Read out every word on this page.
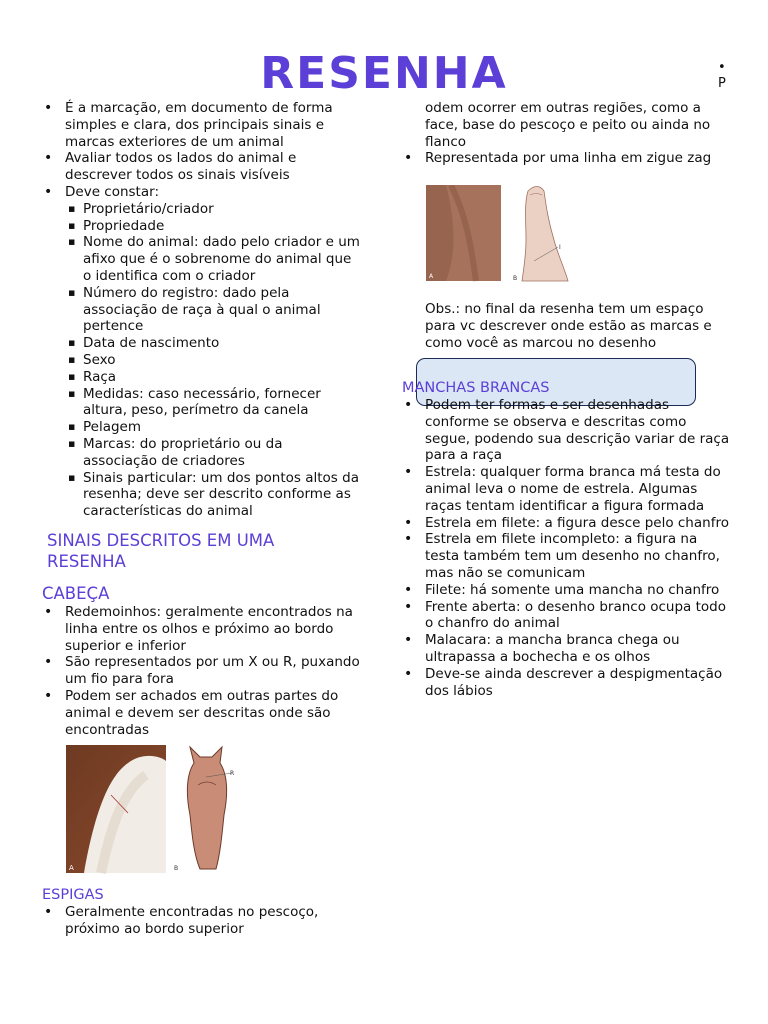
RESENHA	•
P
• É a marcação, em documento de forma simples e clara, dos principais sinais e marcas exteriores de um animal
• Avaliar todos os lados do animal e descrever todos os sinais visíveis
• Deve constar:
▪ Proprietário/criador
▪ Propriedade
▪ Nome do animal: dado pelo criador e um afixo que é o sobrenome do animal que o identifica com o criador
▪ Número do registro: dado pela associação de raça à qual o animal pertence
▪ Data de nascimento
▪ Sexo
▪ Raça
▪ Medidas: caso necessário, fornecer altura, peso, perímetro da canela
▪ Pelagem
▪ Marcas: do proprietário ou da associação de criadores
▪ Sinais particular: um dos pontos altos da resenha; deve ser descrito conforme as características do animal
SINAIS DESCRITOS EM UMA RESENHA
CABEÇA
• Redemoinhos: geralmente encontrados na linha entre os olhos e próximo ao bordo superior e inferior
• São representados por um X ou R, puxando um fio para fora
• Podem ser achados em outras partes do animal e devem ser descritas onde são encontradas
A
R
B
ESPIGAS
• Geralmente encontradas no pescoço, próximo ao bordo superior

odem ocorrer em outras regiões, como a face, base do pescoço e peito ou ainda no flanco

• Representada por uma linha em zigue zag
A
I
B

Obs.: no final da resenha tem um espaço para vc descrever onde estão as marcas e como você as marcou no desenho

MANCHAS BRANCAS
• Podem ter formas e ser desenhadas conforme se observa e descritas como segue, podendo sua descrição variar de raça para a raça
• Estrela: qualquer forma branca má testa do animal leva o nome de estrela. Algumas raças tentam identificar a figura formada
• Estrela em filete: a figura desce pelo chanfro
• Estrela em filete incompleto: a figura na testa também tem um desenho no chanfro, mas não se comunicam
• Filete: há somente uma mancha no chanfro
• Frente aberta: o desenho branco ocupa todo o chanfro do animal
• Malacara: a mancha branca chega ou ultrapassa a bochecha e os olhos
• Deve-se ainda descrever a despigmentação dos lábios
